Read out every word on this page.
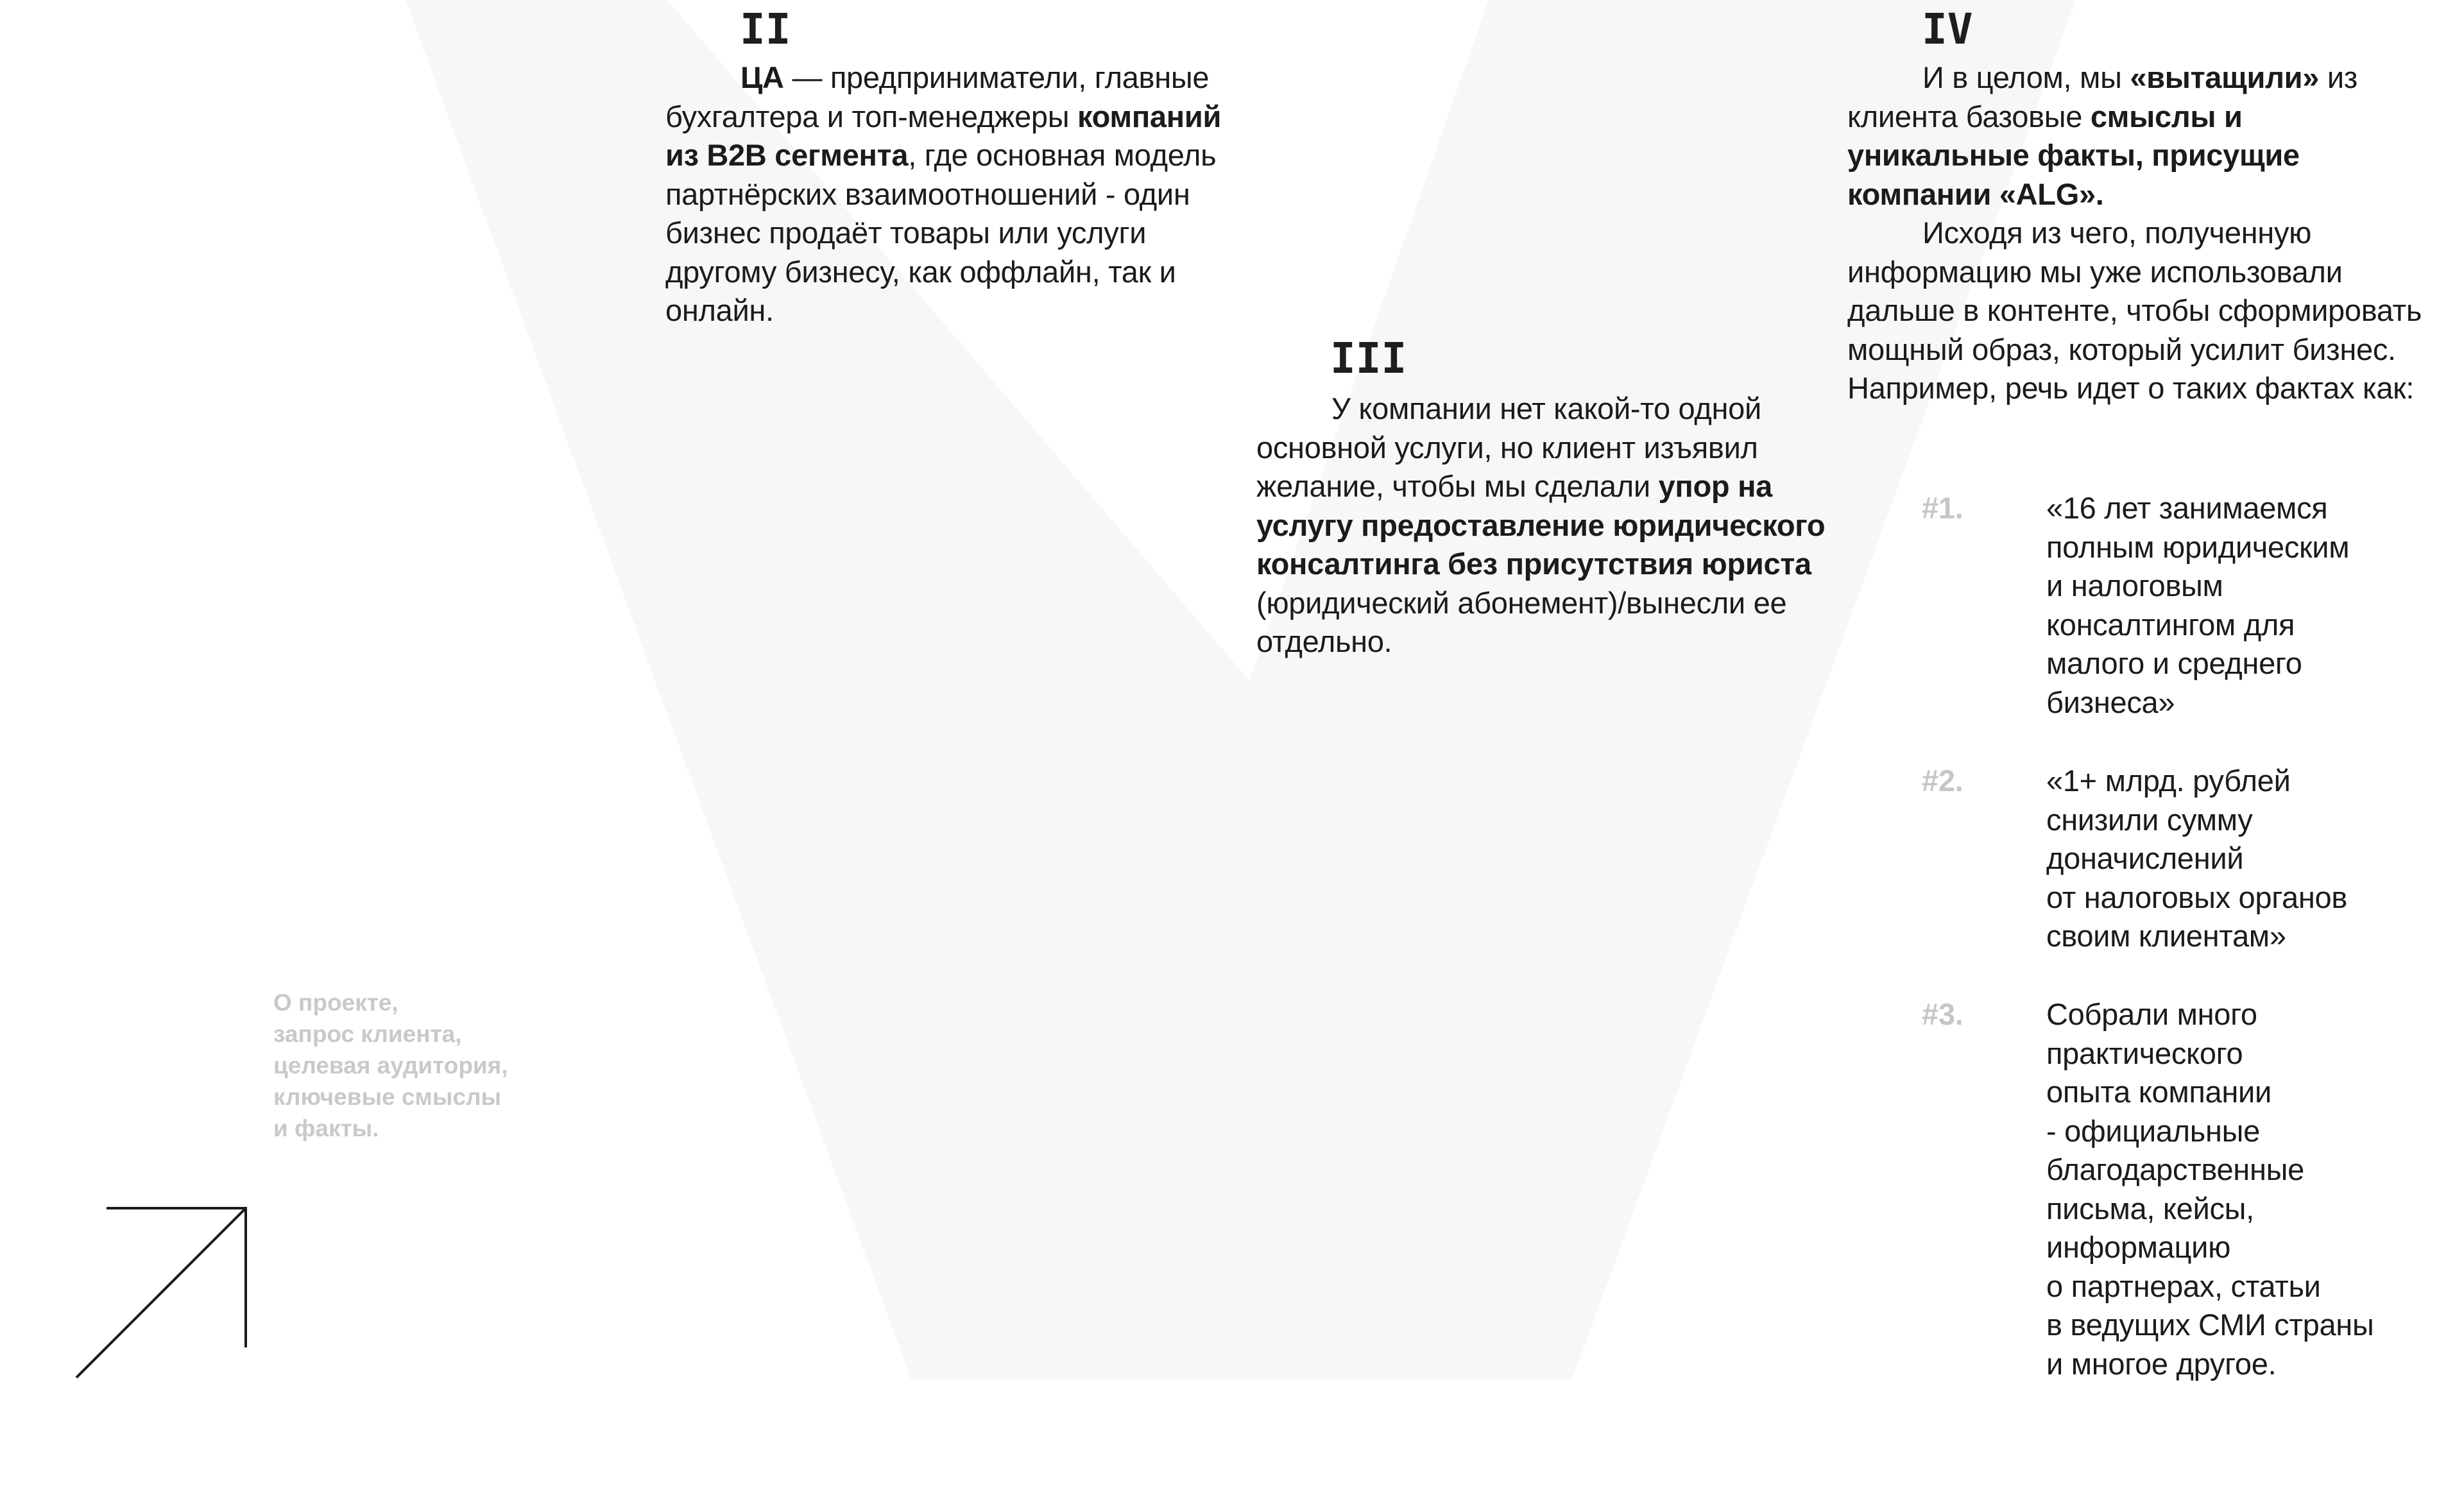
II

ЦА — предприниматели, главные бухгалтера и топ-менеджеры компаний из B2B сегмента, где основная модель партнёрских взаимоотношений - один бизнес продаёт товары или услуги другому бизнесу, как оффлайн, так и онлайн.

III

У компании нет какой-то одной основной услуги, но клиент изъявил желание, чтобы мы сделали упор на услугу предоставление юридического консалтинга без присутствия юриста (юридический абонемент)/вынесли ее отдельно.

IV

И в целом, мы «вытащили» из клиента базовые смыслы и уникальные факты, присущие компании «ALG».

Исходя из чего, полученную информацию мы уже использовали дальше в контенте, чтобы сформировать мощный образ, который усилит бизнес. Например, речь идет о таких фактах как:

#1.	«16 лет занимаемся
полным юридическим
и налоговым
консалтингом для
малого и среднего
бизнеса»
#2.	«1+ млрд. рублей
снизили сумму
доначислений
от налоговых органов
своим клиентам»
#3.	Собрали много
практического
опыта компании
- официальные
благодарственные
письма, кейсы,
информацию
о партнерах, статьи
в ведущих СМИ страны
и многое другое.
О проекте,
запрос клиента,
целевая аудитория,
ключевые смыслы
и факты.
